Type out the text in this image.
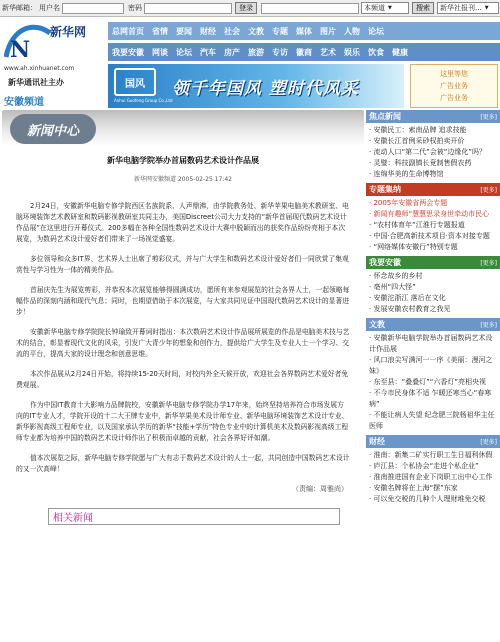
新华邮箱： 用户名	密码	登录	本频道 ▼	搜索	新华社报刊... ▼
N
新华网
www.ah.xinhuanet.com
新华通讯社主办
安徽频道
总网首页 省情 要闻 财经 社会 文教 专题 媒体 图片 人物 论坛
我要安徽 网谈 论坛 汽车 房产 旅游 专访 徽商 艺术 娱乐 饮食 健康
国风
Anhui Guofeng Group Co.,Ltd
领千年国风 塑时代风采
这里等您
广告业务
广告业务
新闻中心
新华电脑学院举办首届数码艺术设计作品展
新华网安徽频道 2005-02-25 17:42

2月24日，安徽新华电脑专修学院西区名族院系、人声鼎沸，由学院教务处、新华苹果电脑美术教研室、电脑环境装饰艺术教研室和数码影视教研室共同主办，美国Discreet公司大力支持的“新华首届现代数码艺术设计作品展”在这里进行开幕仪式。200多幅在各种全国性数码艺术设计大赛中脱颖而出的获奖作品纷纷亮相于本次展览，为数码艺术设计爱好者们带来了一场视觉盛宴。

多位领导和众多IT界、艺术界人士出席了剪彩仪式，并与广大学生和数码艺术设计爱好者们一同欣赏了集观赏性与学习性为一体的精美作品。

首届庆先生为展览剪彩，并恭祝本次展览能够得圆满成功，愿所有来参观展览的社会各界人士，一起领略每幅作品的深刻内涵和现代气息；同时，也期望借助于本次展览，与大家共同见证中国现代数码艺术设计的显著进步！

安徽新华电脑专修学院院长钟瑜致开幕词时指出：本次数码艺术设计作品展所展览的作品是电脑美术技与艺术的结合，彰显着现代文化的风采，引发广大青少年的想象和创作力，提供给广大学生及专业人士一个学习、交流的平台，提高大家的设计理念和创意思维。

本次作品展从2月24日开始，将持续15-20天时间，对校内外全天候开放，欢迎社会各界数码艺术爱好者免费观展。

作为中国IT教育十大影响力品牌院校，安徽新华电脑专修学院办学17年来，始终坚持培养符合市场发展方向的IT专业人才，学院开设的十二大王牌专业中，新华苹果美术设计师专业、新华电脑环境装饰艺术设计专业、新华影视高级工程师专业，以及国家承认学历的新华“技能+学历”特色专业中的计算机美术及数码影视高级工程师专业都为培养中国的数码艺术设计师作出了积极而卓越的贡献，社会各界好评如潮。

值本次展览之际，新华电脑专修学院愿与广大有志于数码艺术设计的人士一起，共同创造中国数码艺术设计的又一次高峰！

（责编：周雅尚）
相关新闻
焦点新闻	[更多]
· 安徽民工：索南品牌 追求技能
· 安徽长江首例采砂权拍卖开价
· 流动人口“第二代”会被“边缘化”吗？
· 灵璧：科技副镇长竟制售假农药
· 连绵华美的生命博物馆
专题集纳	[更多]
· 2005年安徽省两会专题
· 新闻有趣师“慧慧思录身世牵动市民心
· “农村体育年”江淮行专题报道
· 中国·合肥高新技术项目·资本对接专题
· “网络媒体安徽行”特别专题
我要安徽	[更多]
· 怀念故乡的乡村
· 亳州“四大怪”
· 安徽沱浙江 落后在文化
· 发展安徽农村教育之我见
文教	[更多]
· 安徽新华电脑学院举办首届数码艺术设计作品展
· 风口浪尖写满河一一序《美丽：漫河之妹》
· 东至县：“叠叠灯”“六香灯”亮相央视
· 不今市民身体不适 乍暖还寒当心“春寒病”
· 不能让病人失望 纪念肥三院杨祖华主任医师
财经	[更多]
· 淮南：新集二矿实行职工生日福利休假
· 庐江县：个私协会“走进个私企业”
· 淮南推进国有企业下岗职工出中心工作
· 安徽名牌将在上海“摆”东家
· 可以免交税的几种个人理财堆免交税
